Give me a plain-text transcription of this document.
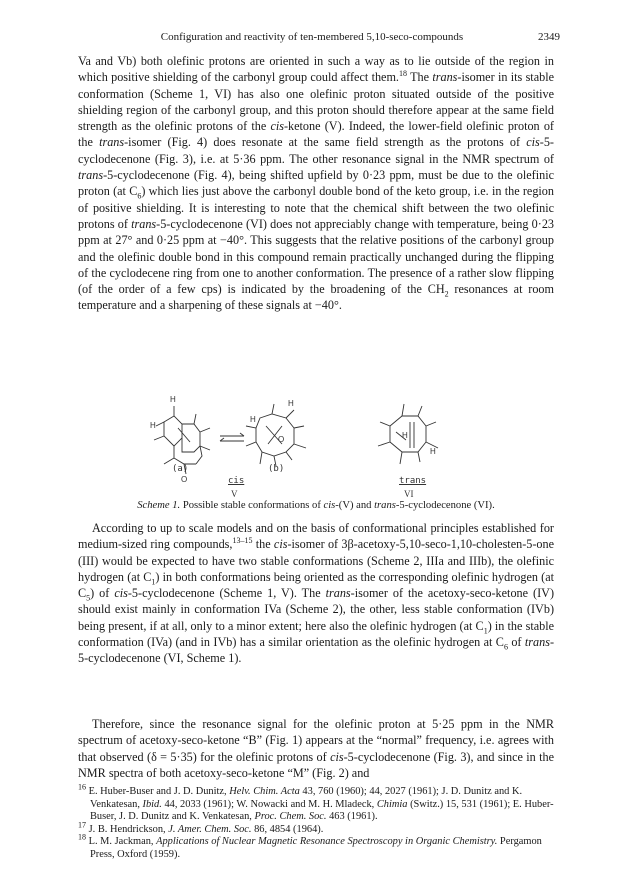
Configuration and reactivity of ten-membered 5,10-seco-compounds	2349

Va and Vb) both olefinic protons are oriented in such a way as to lie outside of the region in which positive shielding of the carbonyl group could affect them.$^{18}$ The trans-isomer in its stable conformation (Scheme 1, VI) has also one olefinic proton situated outside of the positive shielding region of the carbonyl group, and this proton should therefore appear at the same field strength as the olefinic protons of the cis-ketone (V). Indeed, the lower-field olefinic proton of the trans-isomer (Fig. 4) does resonate at the same field strength as the protons of cis-5-cyclodecenone (Fig. 3), i.e. at 5·36 ppm. The other resonance signal in the NMR spectrum of trans-5-cyclodecenone (Fig. 4), being shifted upfield by 0·23 ppm, must be due to the olefinic proton (at $C_6$) which lies just above the carbonyl double bond of the keto group, i.e. in the region of positive shielding. It is interesting to note that the chemical shift between the two olefinic protons of trans-5-cyclodecenone (VI) does not appreciably change with temperature, being 0·23 ppm at 27° and 0·25 ppm at −40°. This suggests that the relative positions of the carbonyl group and the olefinic double bond in this compound remain practically unchanged during the flipping of the cyclodecene ring from one to another conformation. The presence of a rather slow flipping (of the order of a few cps) is indicated by the broadening of the $CH_2$ resonances at room temperature and a sharpening of these signals at −40°.

H
H
O
H
H
O	H
H
(a)	(b)
cis	trans
V	VI
Scheme 1. Possible stable conformations of cis-(V) and trans-5-cyclodecenone (VI).

According to up to scale models and on the basis of conformational principles established for medium-sized ring compounds,$^{13-15}$ the cis-isomer of 3β-acetoxy-5,10-seco-1,10-cholesten-5-one (III) would be expected to have two stable conformations (Scheme 2, IIIa and IIIb), the olefinic hydrogen (at $C_1$) in both conformations being oriented as the corresponding olefinic hydrogen (at $C_5$) of cis-5-cyclodecenone (Scheme 1, V). The trans-isomer of the acetoxy-seco-ketone (IV) should exist mainly in conformation IVa (Scheme 2), the other, less stable conformation (IVb) being present, if at all, only to a minor extent; here also the olefinic hydrogen (at $C_1$) in the stable conformation (IVa) (and in IVb) has a similar orientation as the olefinic hydrogen at $C_6$ of trans-5-cyclodecenone (VI, Scheme 1).

Therefore, since the resonance signal for the olefinic proton at 5·25 ppm in the NMR spectrum of acetoxy-seco-ketone “B” (Fig. 1) appears at the “normal” frequency, i.e. agrees with that observed (δ = 5·35) for the olefinic protons of cis-5-cyclodecenone (Fig. 3), and since in the NMR spectra of both acetoxy-seco-ketone “M” (Fig. 2) and

$^{16}$ E. Huber-Buser and J. D. Dunitz, Helv. Chim. Acta 43, 760 (1960); 44, 2027 (1961); J. D. Dunitz and K. Venkatesan, Ibid. 44, 2033 (1961); W. Nowacki and M. H. Mladeck, Chimia (Switz.) 15, 531 (1961); E. Huber-Buser, J. D. Dunitz and K. Venkatesan, Proc. Chem. Soc. 463 (1961).

$^{17}$ J. B. Hendrickson, J. Amer. Chem. Soc. 86, 4854 (1964).

$^{18}$ L. M. Jackman, Applications of Nuclear Magnetic Resonance Spectroscopy in Organic Chemistry. Pergamon Press, Oxford (1959).
